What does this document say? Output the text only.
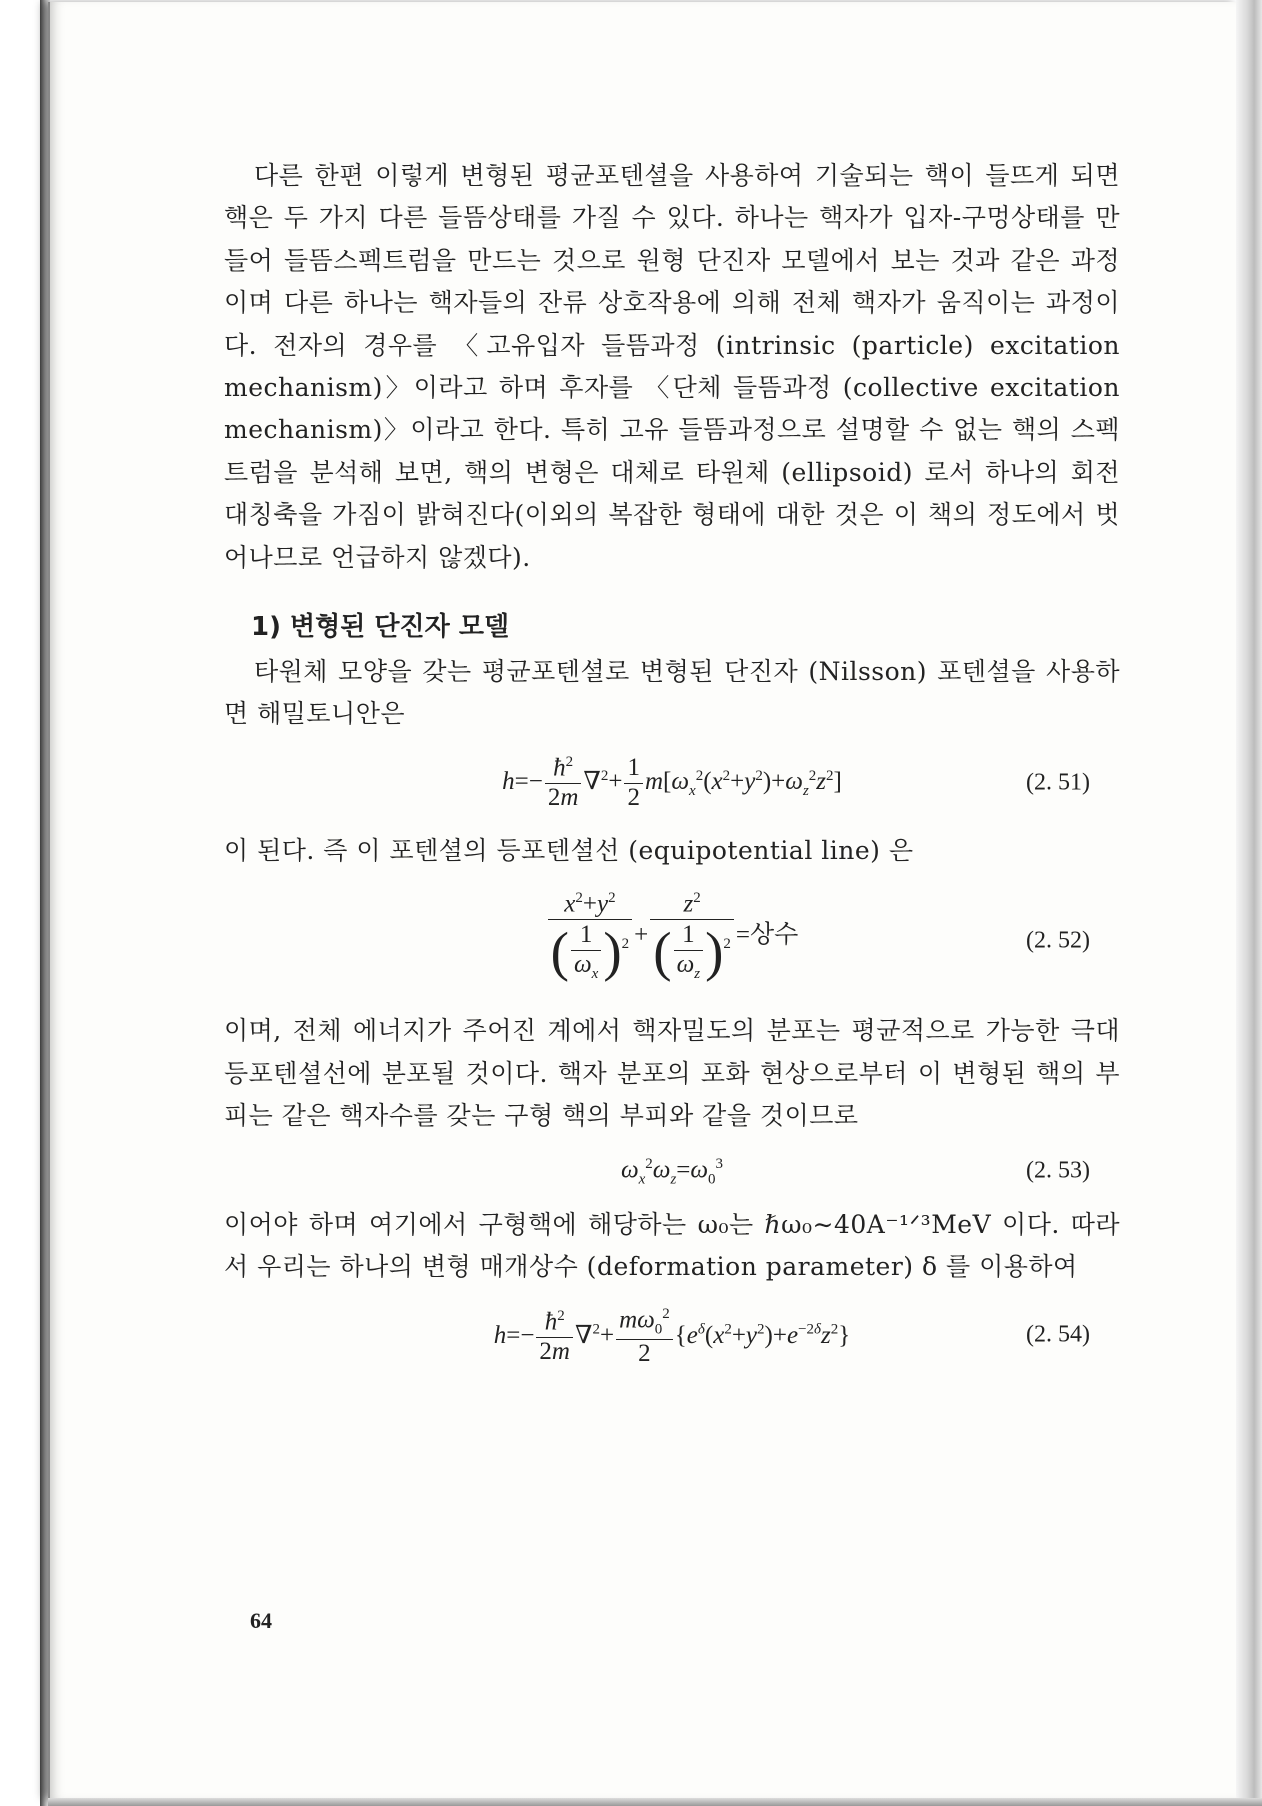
다른 한편 이렇게 변형된 평균포텐셜을 사용하여 기술되는 핵이 들뜨게 되면 핵은 두 가지 다른 들뜸상태를 가질 수 있다. 하나는 핵자가 입자-구멍상태를 만들어 들뜸스펙트럼을 만드는 것으로 원형 단진자 모델에서 보는 것과 같은 과정이며 다른 하나는 핵자들의 잔류 상호작용에 의해 전체 핵자가 움직이는 과정이다. 전자의 경우를 〈고유입자 들뜸과정 (intrinsic (particle) excitation mechanism)〉이라고 하며 후자를 〈단체 들뜸과정 (collective excitation mechanism)〉이라고 한다. 특히 고유 들뜸과정으로 설명할 수 없는 핵의 스펙트럼을 분석해 보면, 핵의 변형은 대체로 타원체 (ellipsoid) 로서 하나의 회전 대칭축을 가짐이 밝혀진다(이외의 복잡한 형태에 대한 것은 이 책의 정도에서 벗어나므로 언급하지 않겠다).

1) 변형된 단진자 모델

타원체 모양을 갖는 평균포텐셜로 변형된 단진자 (Nilsson) 포텐셜을 사용하면 해밀토니안은

$h=- \frac{ħ^2}{2m} \nabla^2+ \frac{1}{2} m[\omega_x^2(x^2+y^2)+\omega_z^2z^2]$	(2. 51)

이 된다. 즉 이 포텐셜의 등포텐셜선 (equipotential line) 은

$\frac{x^2+y^2}{( \frac{1}{\omega_x} )^2} + \frac{z^2}{( \frac{1}{\omega_z} )^2}$ =상수	(2. 52)

이며, 전체 에너지가 주어진 계에서 핵자밀도의 분포는 평균적으로 가능한 극대 등포텐셜선에 분포될 것이다. 핵자 분포의 포화 현상으로부터 이 변형된 핵의 부피는 같은 핵자수를 갖는 구형 핵의 부피와 같을 것이므로

$\omega_x^2\omega_z=\omega_0^3$	(2. 53)

이어야 하며 여기에서 구형핵에 해당하는 ω₀는 ℏω₀∼40A⁻¹ᐟ³MeV 이다. 따라서 우리는 하나의 변형 매개상수 (deformation parameter) δ 를 이용하여

$h=- \frac{ħ^2}{2m} \nabla^2+ \frac{m\omega_0^2}{2} \{e^\delta(x^2+y^2)+e^{-2\delta}z^2\}$	(2. 54)
64
